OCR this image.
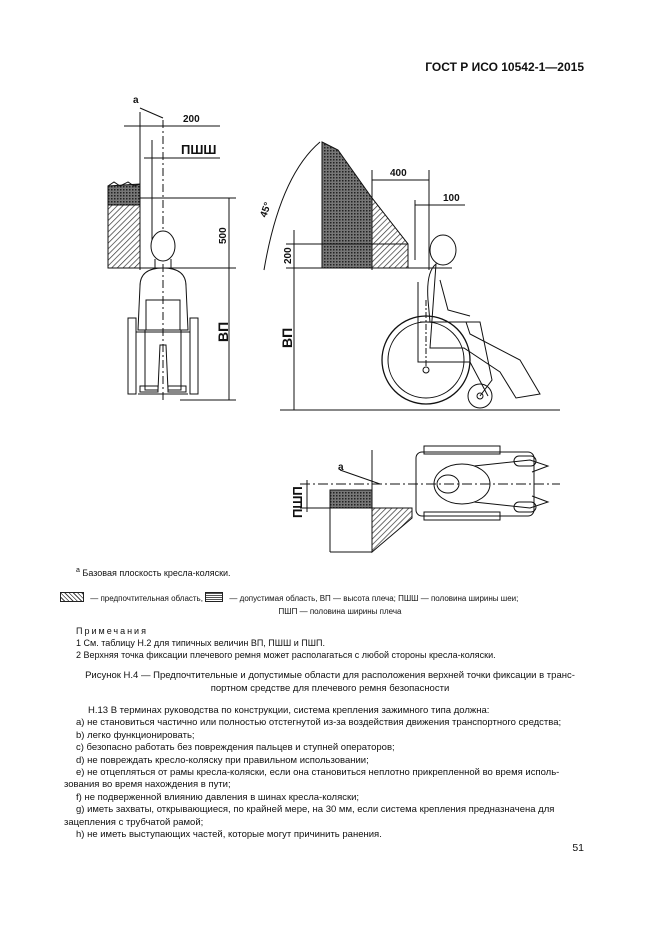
ГОСТ Р ИСО 10542-1—2015
a
200
ПШШ
500
ВП
45°
400
100
200
ВП
a
ПШП
$^a$ Базовая плоскость кресла-коляски.
— предпочтительная область,	— допустимая область, ВП — высота плеча; ПШШ — половина ширины шеи;
ПШП — половина ширины плеча
Примечания
1 См. таблицу Н.2 для типичных величин ВП, ПШШ и ПШП.
2 Верхняя точка фиксации плечевого ремня может располагаться с любой стороны кресла-коляски.
Рисунок Н.4 — Предпочтительные и допустимые области для расположения верхней точки фиксации в транс-
портном средстве для плечевого ремня безопасности

Н.13 В терминах руководства по конструкции, система крепления зажимного типа должна:

a) не становиться частично или полностью отстегнутой из-за воздействия движения транспортного средства;

b) легко функционировать;

c) безопасно работать без повреждения пальцев и ступней операторов;

d) не повреждать кресло-коляску при правильном использовании;

e) не отцепляться от рамы кресла-коляски, если она становиться неплотно прикрепленной во время исполь-

зования во время нахождения в пути;

f) не подверженной влиянию давления в шинах кресла-коляски;

g) иметь захваты, открывающиеся, по крайней мере, на 30 мм, если система крепления предназначена для

зацепления с трубчатой рамой;

h) не иметь выступающих частей, которые могут причинить ранения.

51
